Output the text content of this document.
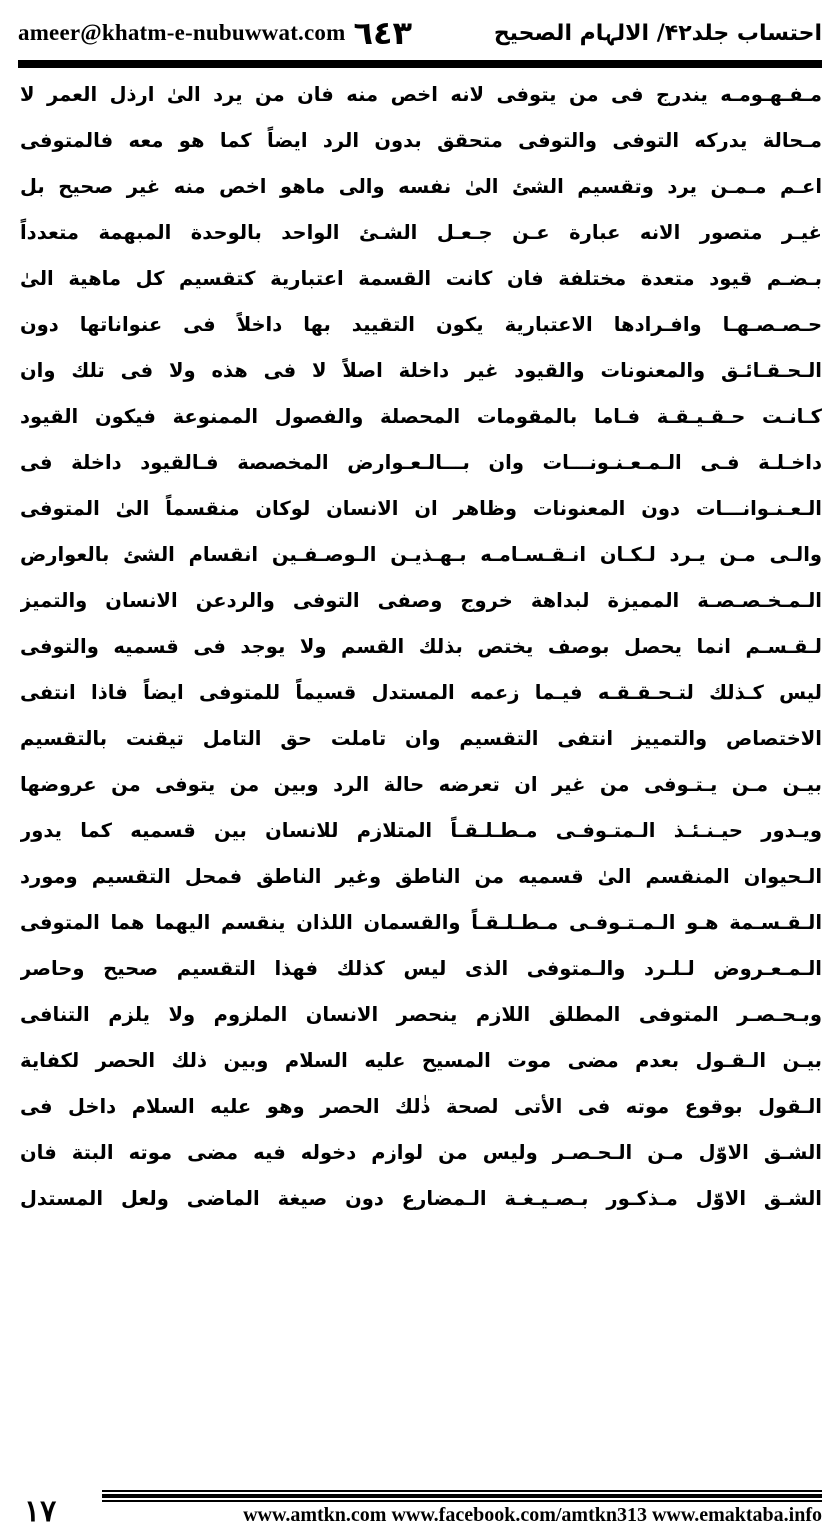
ameer@khatm-e-nubuwwat.com ٦٤٣	احتساب جلد۴۲/ الالہام الصحیح
مـفـهـومـه يندرج فى من يتوفى لانه اخص منه فان من يرد الىٰ ارذل العمر لا
مـحالة يدركه التوفى والتوفى متحقق بدون الرد ايضاً كما هو معه فالمتوفى
اعـم مـمـن يرد وتقسيم الشئ الىٰ نفسه والى ماهو اخص منه غير صحيح بل
غيـر متصور الانه عبارة عـن جـعـل الشـئ الواحد بالوحدة المبهمة متعدداً
بـضـم قيود متعدة مختلفة فان كانت القسمة اعتبارية كتقسيم كل ماهية الىٰ
حـصـصـهـا وافـرادها الاعتبارية يكون التقييد بها داخلاً فى عنواناتها دون
الـحـقـائـق والمعنونات والقيود غير داخلة اصلاً لا فى هذه ولا فى تلك وان
كـانـت حـقـيـقـة فـاما بالمقومات المحصلة والفصول الممنوعة فيكون القيود
داخـلـة فـى الـمـعـنـونـــات وان بـــالـعـوارض المخصصة فـالقيود داخلة فى
الـعـنـوانـــات دون المعنونات وظاهر ان الانسان لوكان منقسماً الىٰ المتوفى
والـى مـن يـرد لـكـان انـقـسـامـه بـهـذيـن الـوصـفـين انقسام الشئ بالعوارض
الـمـخـصـصـة المميزة لبداهة خروج وصفى التوفى والردعن الانسان والتميز
لـقـسـم انما يحصل بوصف يختص بذلك القسم ولا يوجد فى قسميه والتوفى
ليس كـذلك لتـحـقـقـه فيـما زعمه المستدل قسيماً للمتوفى ايضاً فاذا انتفى
الاختصاص والتمييز انتفى التقسيم وان تاملت حق التامل تيقنت بالتقسيم
بيـن مـن يـتـوفى من غير ان تعرضه حالة الرد وبين من يتوفى من عروضها
ويـدور حيـنـئـذ الـمتـوفـى مـطـلـقـاً المتلازم للانسان بين قسميه كما يدور
الـحيوان المنقسم الىٰ قسميه من الناطق وغير الناطق فمحل التقسيم ومورد
الـقـسـمة هـو الـمـتـوفـى مـطـلـقـاً والقسمان اللذان ينقسم اليهما هما المتوفى
الـمـعـروض لـلـرد والـمتوفى الذى ليس كذلك فهذا التقسيم صحيح وحاصر
وبـحـصـر المتوفى المطلق اللازم ينحصر الانسان الملزوم ولا يلزم التنافى
بيـن الـقـول بعدم مضى موت المسيح عليه السلام وبين ذلك الحصر لكفاية
الـقول بوقوع موته فى الأتى لصحة ذٰلك الحصر وهو عليه السلام داخل فى
الشـق الاوّل مـن الـحـصـر وليس من لوازم دخوله فيه مضى موته البتة فان
الشـق الاوّل مـذكـور بـصـيـغـة الـمضارع دون صيغة الماضى ولعل المستدل
١٧	www.amtkn.com www.facebook.com/amtkn313 www.emaktaba.info
